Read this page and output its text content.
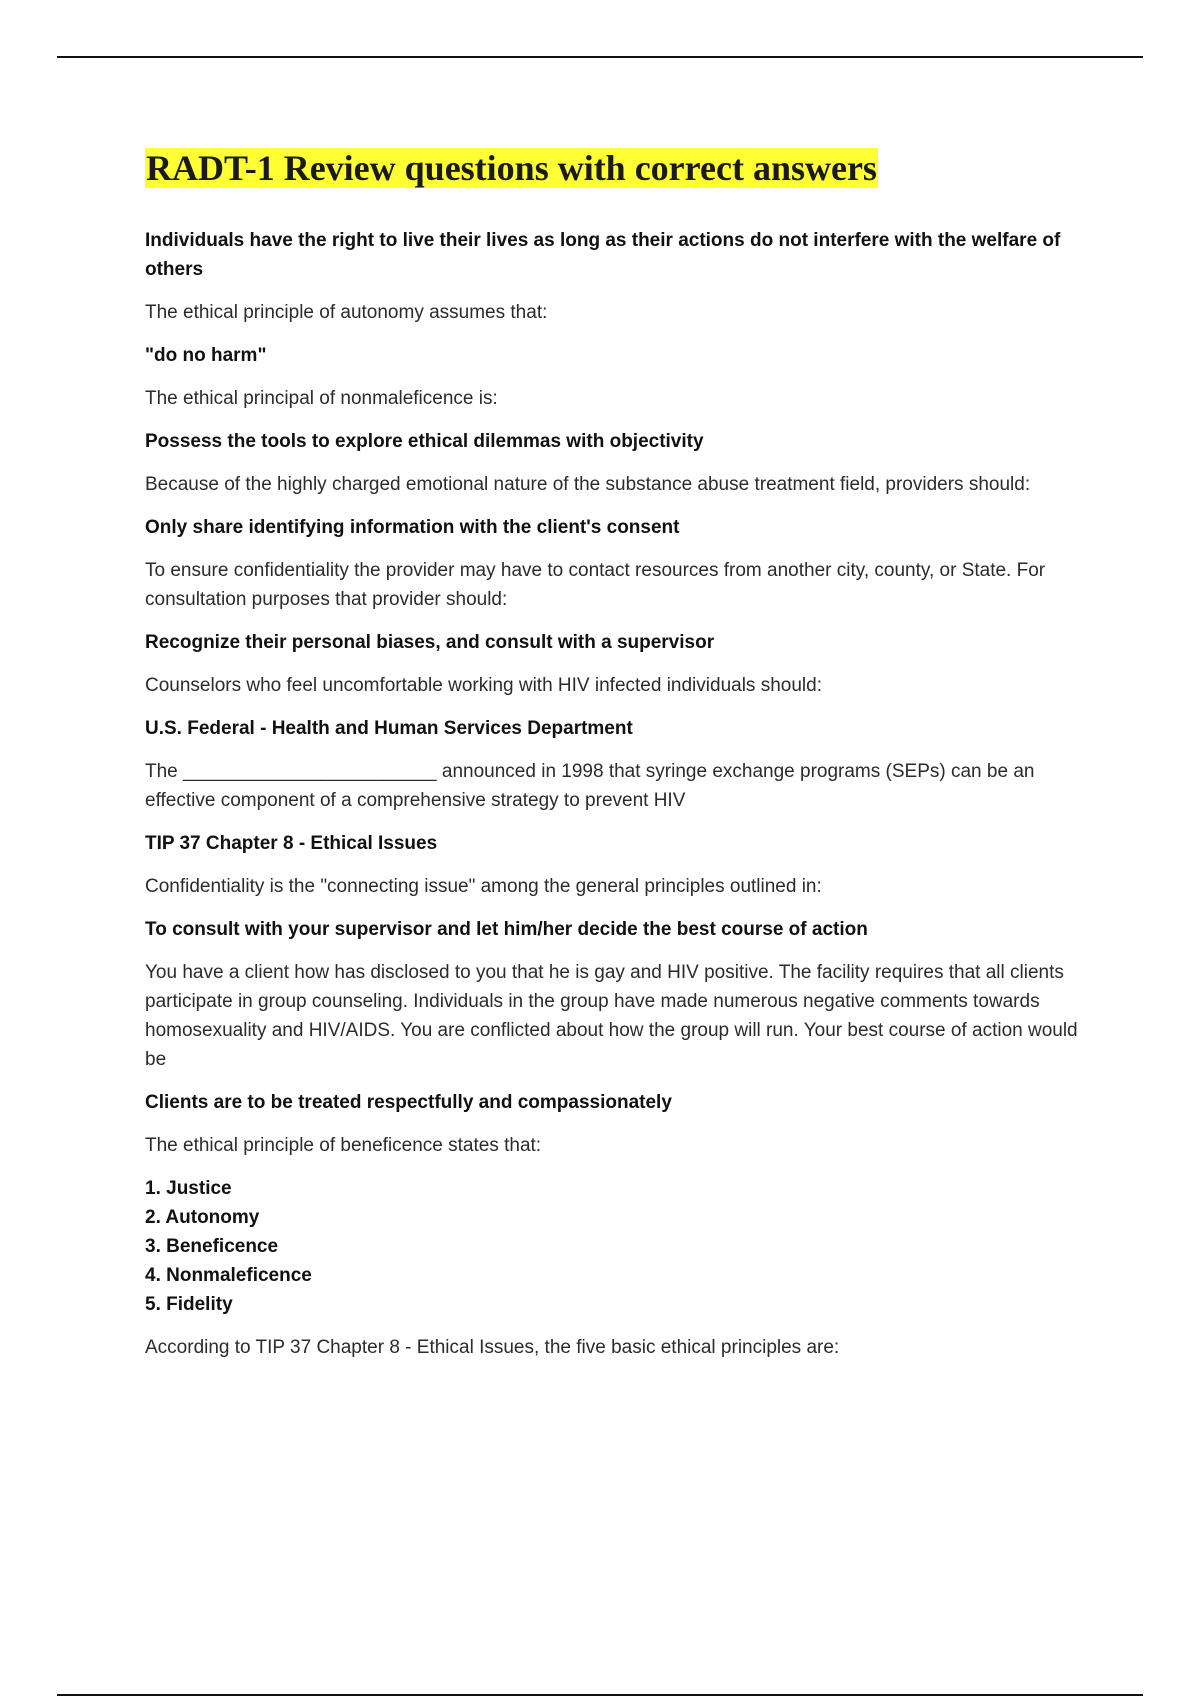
RADT-1 Review questions with correct answers

Individuals have the right to live their lives as long as their actions do not interfere with the welfare of others

The ethical principle of autonomy assumes that:

"do no harm"

The ethical principal of nonmaleficence is:

Possess the tools to explore ethical dilemmas with objectivity

Because of the highly charged emotional nature of the substance abuse treatment field, providers should:

Only share identifying information with the client's consent

To ensure confidentiality the provider may have to contact resources from another city, county, or State. For consultation purposes that provider should:

Recognize their personal biases, and consult with a supervisor

Counselors who feel uncomfortable working with HIV infected individuals should:

U.S. Federal - Health and Human Services Department

The ________________________ announced in 1998 that syringe exchange programs (SEPs) can be an effective component of a comprehensive strategy to prevent HIV

TIP 37 Chapter 8 - Ethical Issues

Confidentiality is the "connecting issue" among the general principles outlined in:

To consult with your supervisor and let him/her decide the best course of action

You have a client how has disclosed to you that he is gay and HIV positive. The facility requires that all clients participate in group counseling. Individuals in the group have made numerous negative comments towards homosexuality and HIV/AIDS. You are conflicted about how the group will run. Your best course of action would be

Clients are to be treated respectfully and compassionately

The ethical principle of beneficence states that:

1. Justice
2. Autonomy
3. Beneficence
4. Nonmaleficence
5. Fidelity

According to TIP 37 Chapter 8 - Ethical Issues, the five basic ethical principles are:
